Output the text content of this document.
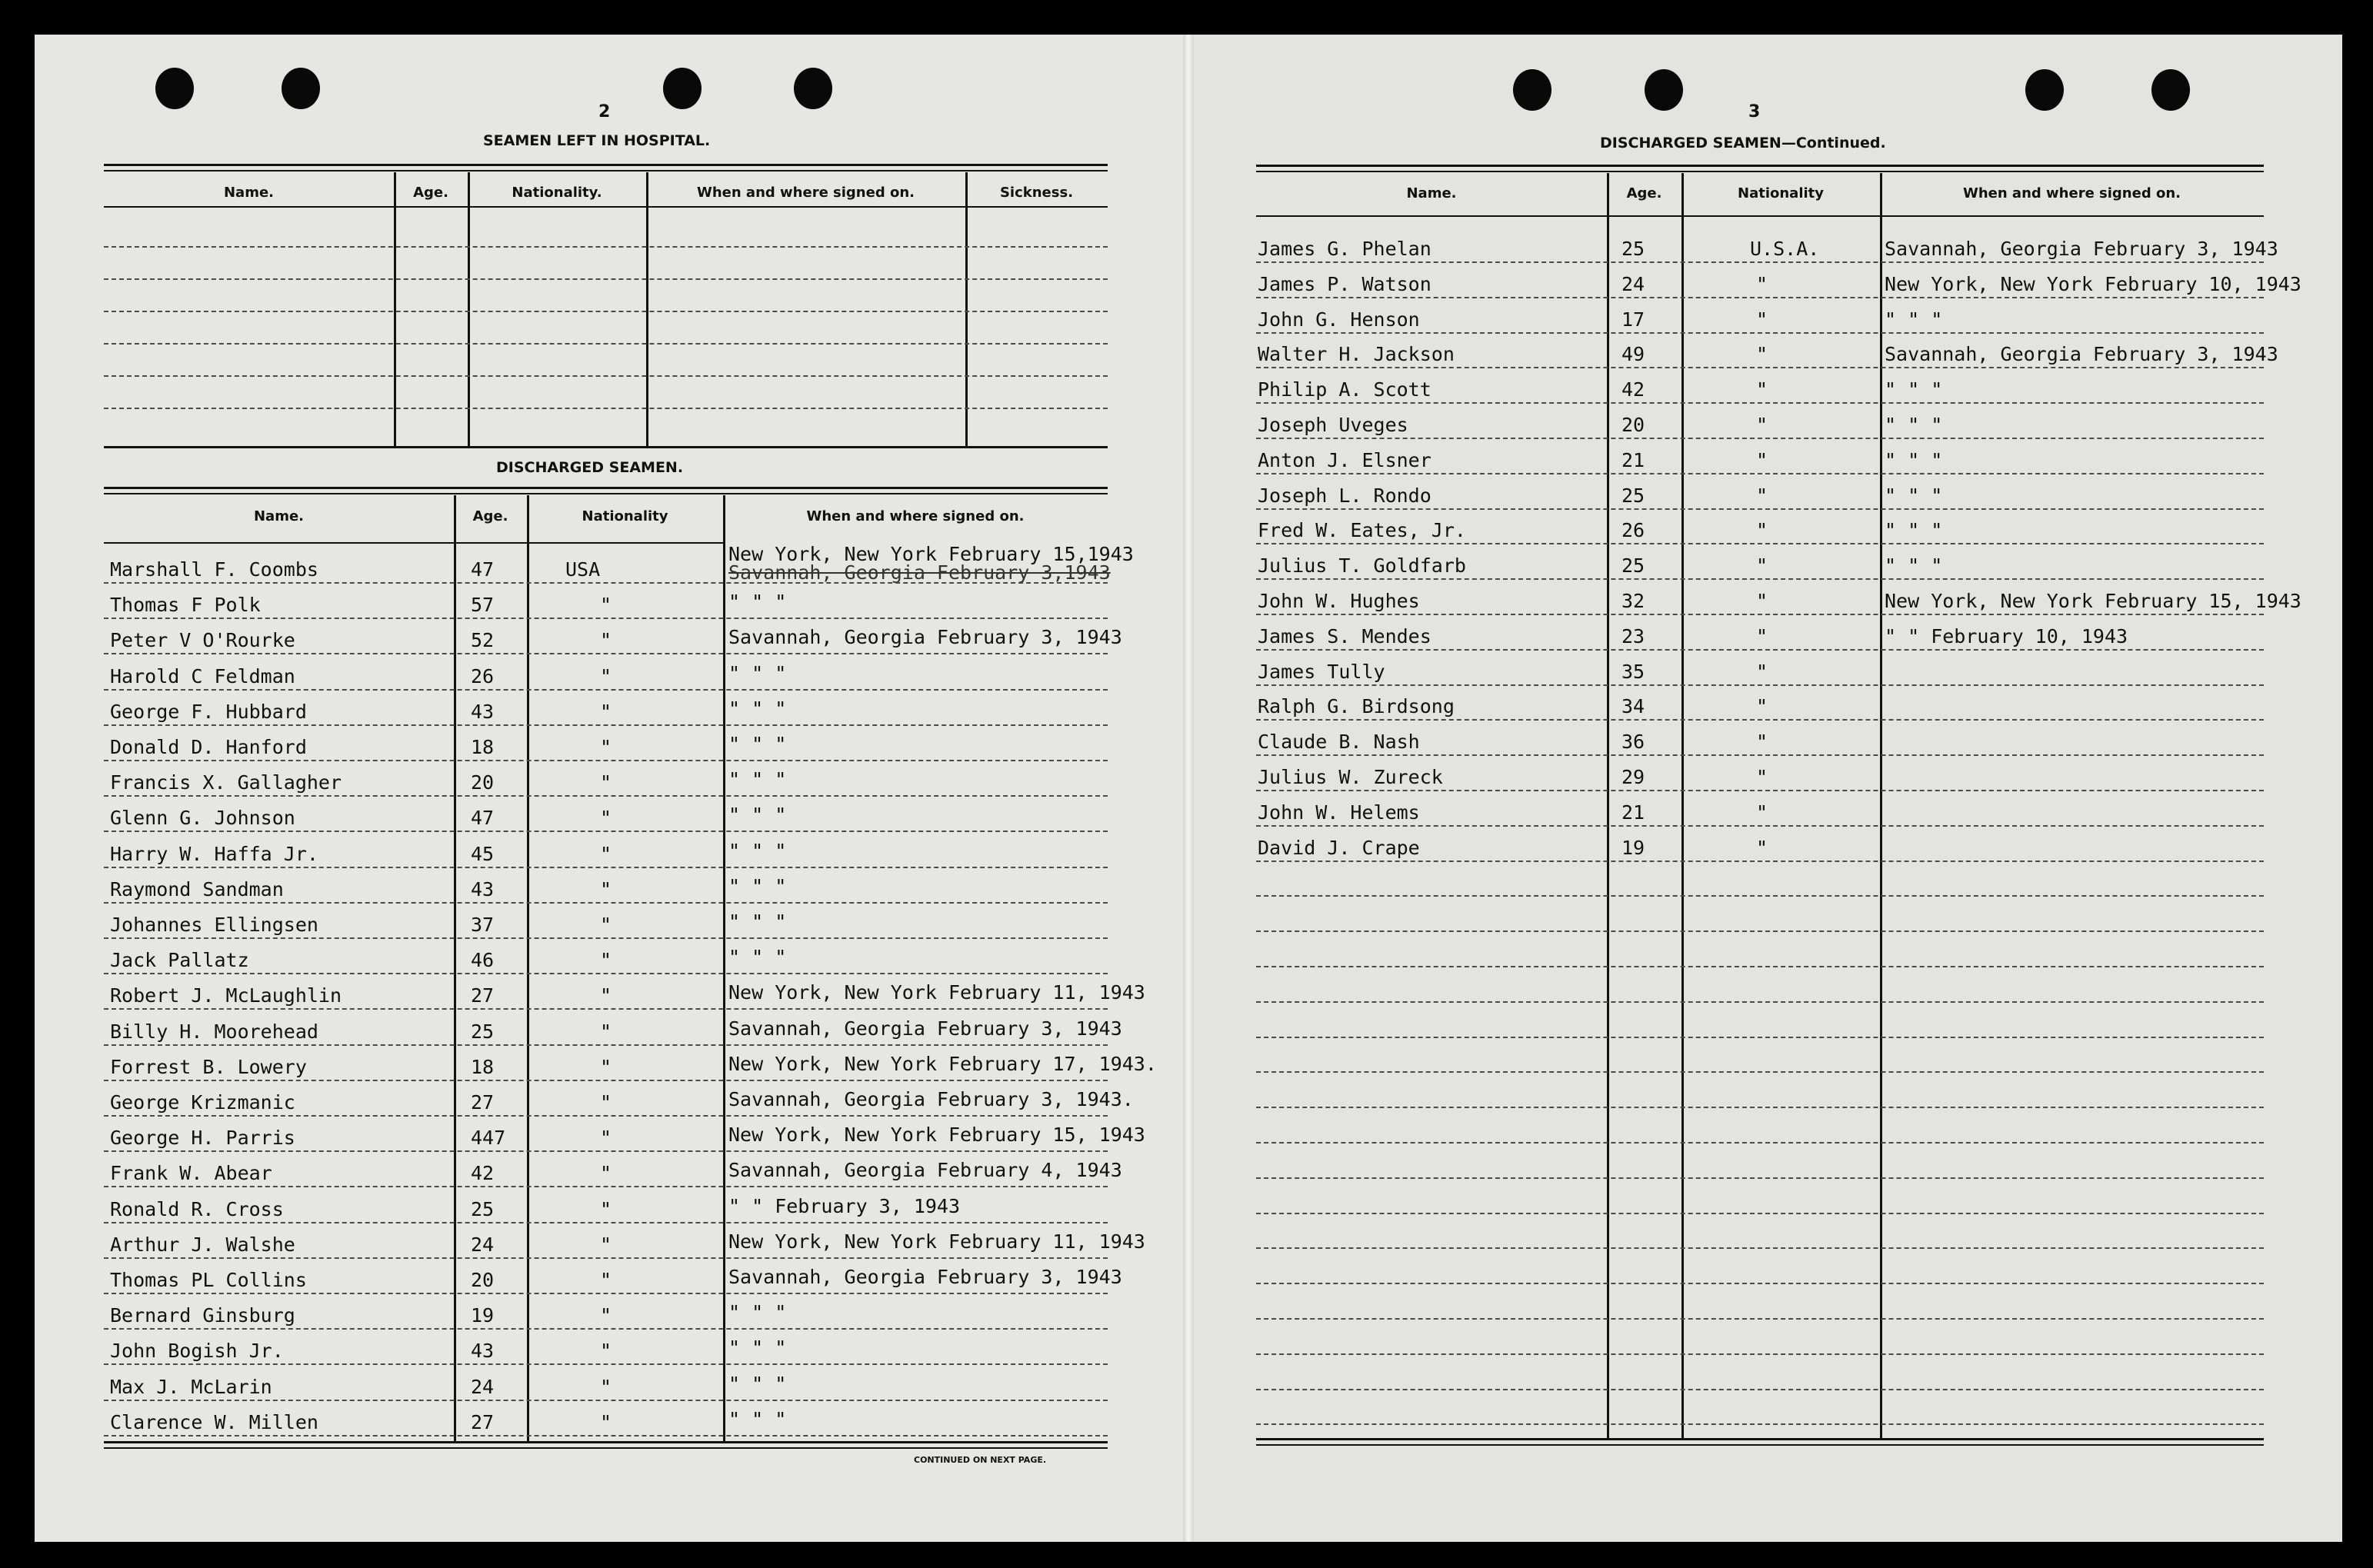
2
SEAMEN LEFT IN HOSPITAL.
Name.	Age.	Nationality.	When and where signed on.	Sickness.
DISCHARGED SEAMEN.
Name.	Age.	Nationality	When and where signed on.
Marshall F. Coombs	47	USA
New York, New York February 15,1943
Savannah, Georgia February 3,1943
Thomas F Polk	57	"	" " "
Peter V O'Rourke	52	"	Savannah, Georgia February 3, 1943
Harold C Feldman	26	"	" " "
George F. Hubbard	43	"	" " "
Donald D. Hanford	18	"	" " "
Francis X. Gallagher	20	"	" " "
Glenn G. Johnson	47	"	" " "
Harry W. Haffa Jr.	45	"	" " "
Raymond Sandman	43	"	" " "
Johannes Ellingsen	37	"	" " "
Jack Pallatz	46	"	" " "
Robert J. McLaughlin	27	"	New York, New York February 11, 1943
Billy H. Moorehead	25	"	Savannah, Georgia February 3, 1943
Forrest B. Lowery	18	"	New York, New York February 17, 1943.
George Krizmanic	27	"	Savannah, Georgia February 3, 1943.
George H. Parris	447	"	New York, New York February 15, 1943
Frank W. Abear	42	"	Savannah, Georgia February 4, 1943
Ronald R. Cross	25	"	" " February 3, 1943
Arthur J. Walshe	24	"	New York, New York February 11, 1943
Thomas PL Collins	20	"	Savannah, Georgia February 3, 1943
Bernard Ginsburg	19	"	" " "
John Bogish Jr.	43	"	" " "
Max J. McLarin	24	"	" " "
Clarence W. Millen	27	"	" " "
CONTINUED ON NEXT PAGE.
3
DISCHARGED SEAMEN—Continued.
Name.	Age.	Nationality	When and where signed on.
James G. Phelan	25	U.S.A.	Savannah, Georgia February 3, 1943
James P. Watson	24	"	New York, New York February 10, 1943
John G. Henson	17	"	" " "
Walter H. Jackson	49	"	Savannah, Georgia February 3, 1943
Philip A. Scott	42	"	" " "
Joseph Uveges	20	"	" " "
Anton J. Elsner	21	"	" " "
Joseph L. Rondo	25	"	" " "
Fred W. Eates, Jr.	26	"	" " "
Julius T. Goldfarb	25	"	" " "
John W. Hughes	32	"	New York, New York February 15, 1943
James S. Mendes	23	"	" " February 10, 1943
James Tully	35	"
Ralph G. Birdsong	34	"
Claude B. Nash	36	"
Julius W. Zureck	29	"
John W. Helems	21	"
David J. Crape	19	"
